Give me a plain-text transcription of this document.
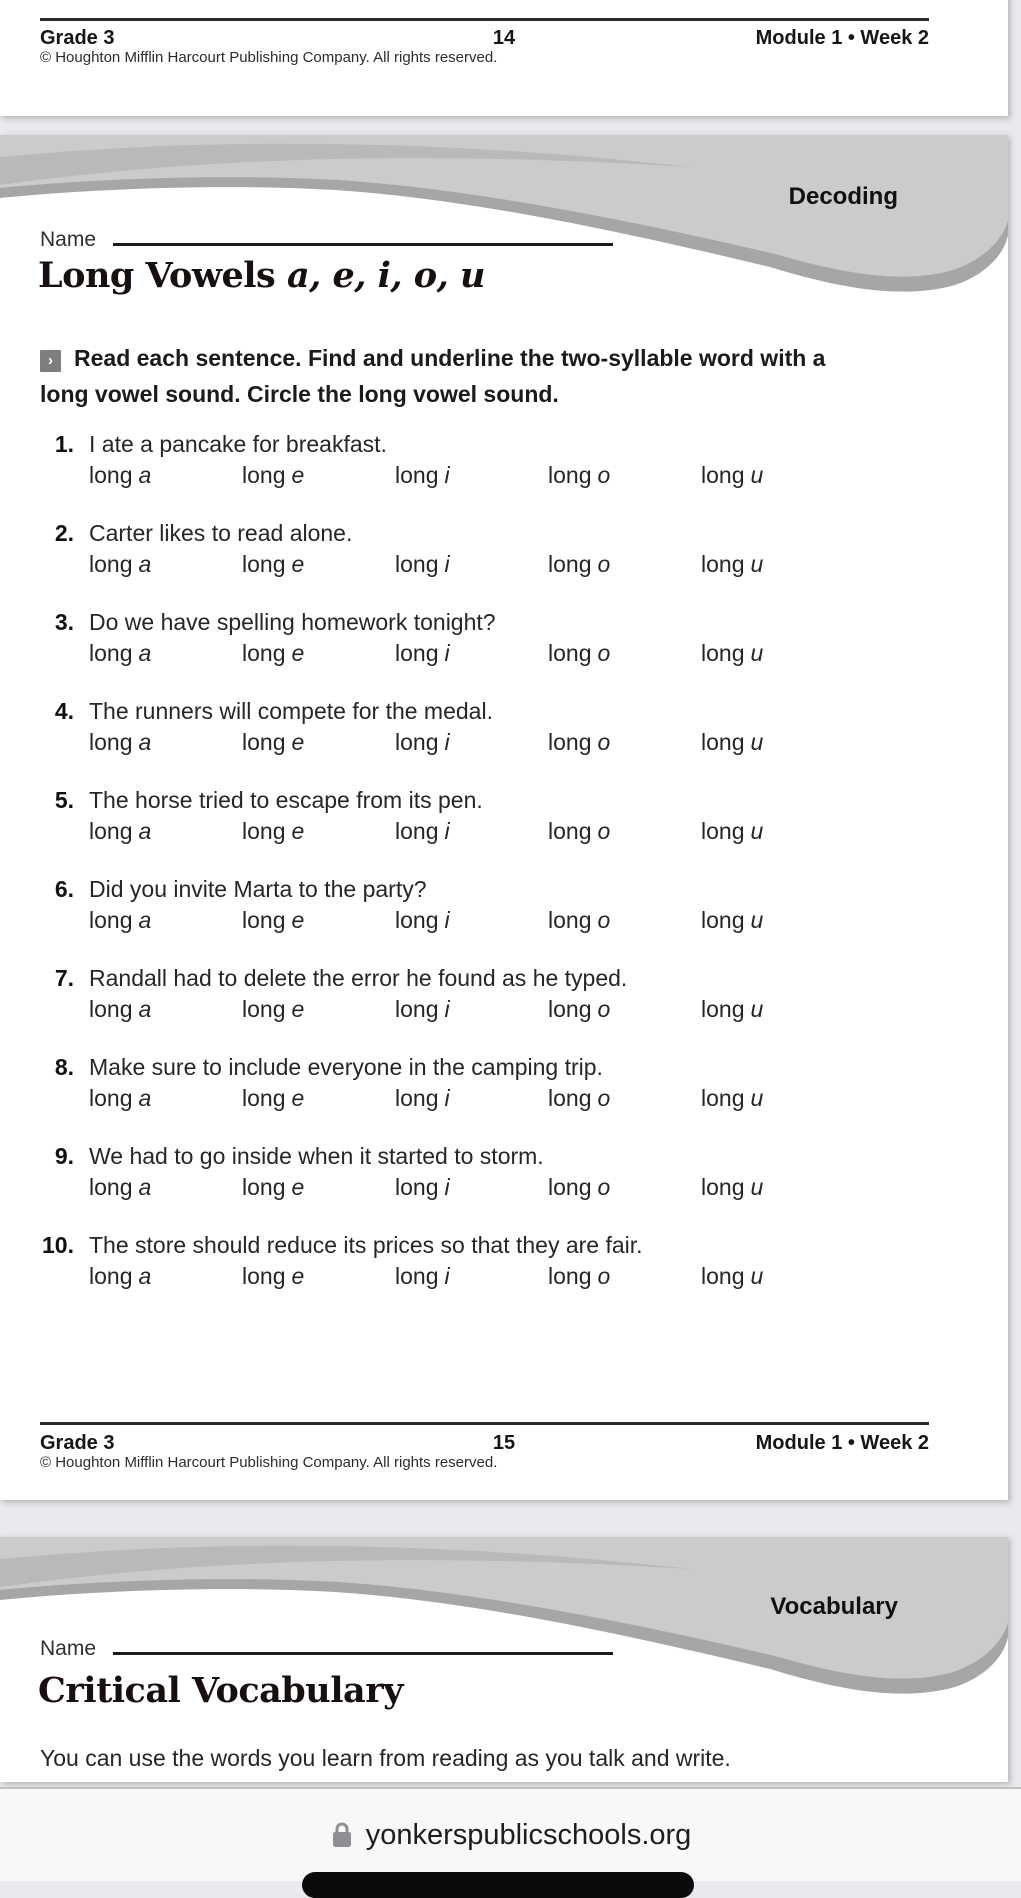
Grade 3	14	Module 1 • Week 2
© Houghton Mifflin Harcourt Publishing Company. All rights reserved.
Decoding
Name
Long Vowels a, e, i, o, u
› Read each sentence. Find and underline the two-syllable word with a
long vowel sound. Circle the long vowel sound.
1. I ate a pancake for breakfast.
long a	long e	long i	long o	long u
2. Carter likes to read alone.
long a	long e	long i	long o	long u
3. Do we have spelling homework tonight?
long a	long e	long i	long o	long u
4. The runners will compete for the medal.
long a	long e	long i	long o	long u
5. The horse tried to escape from its pen.
long a	long e	long i	long o	long u
6. Did you invite Marta to the party?
long a	long e	long i	long o	long u
7. Randall had to delete the error he found as he typed.
long a	long e	long i	long o	long u
8. Make sure to include everyone in the camping trip.
long a	long e	long i	long o	long u
9. We had to go inside when it started to storm.
long a	long e	long i	long o	long u
10. The store should reduce its prices so that they are fair.
long a	long e	long i	long o	long u
Grade 3	15	Module 1 • Week 2
© Houghton Mifflin Harcourt Publishing Company. All rights reserved.
Vocabulary
Name
Critical Vocabulary
You can use the words you learn from reading as you talk and write.
yonkerspublicschools.org
